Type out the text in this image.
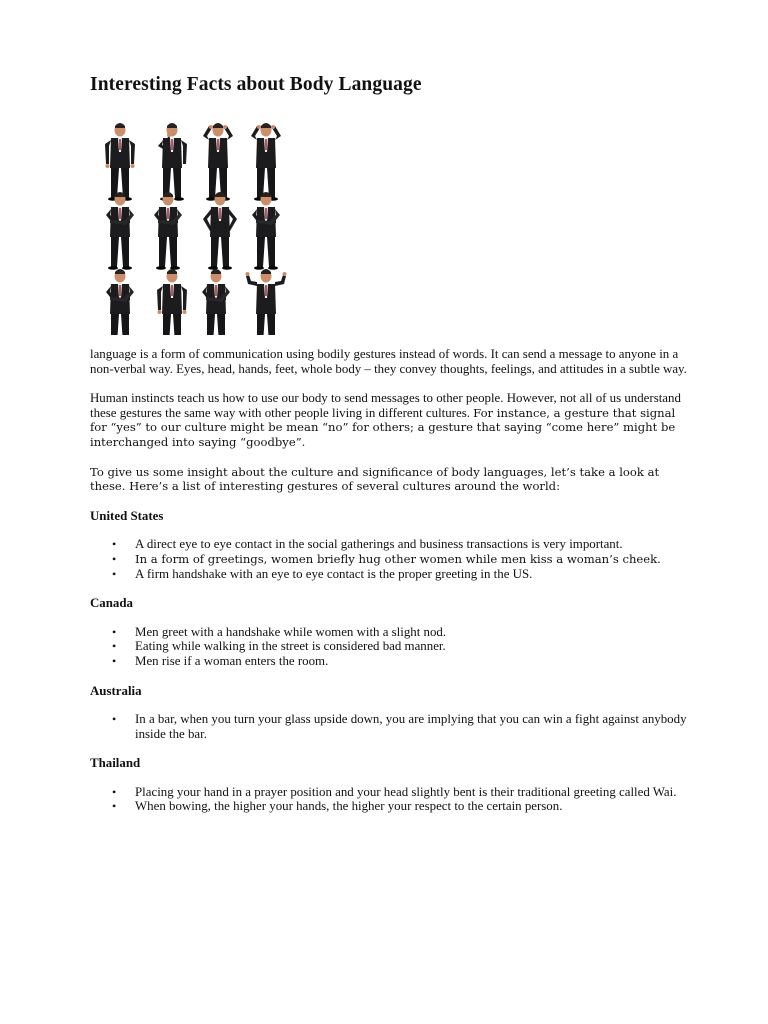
Interesting Facts about Body Language

language is a form of communication using bodily gestures instead of words. It can send a message to anyone in a non-verbal way. Eyes, head, hands, feet, whole body – they convey thoughts, feelings, and attitudes in a subtle way.

Human instincts teach us how to use our body to send messages to other people. However, not all of us understand these gestures the same way with other people living in different cultures. For instance, a gesture that signal for “yes” to our culture might be mean “no” for others; a gesture that saying “come here” might be interchanged into saying “goodbye”.

To give us some insight about the culture and significance of body languages, let’s take a look at these. Here’s a list of interesting gestures of several cultures around the world:

United States
• A direct eye to eye contact in the social gatherings and business transactions is very important.
• In a form of greetings, women briefly hug other women while men kiss a woman’s cheek.
• A firm handshake with an eye to eye contact is the proper greeting in the US.
Canada
• Men greet with a handshake while women with a slight nod.
• Eating while walking in the street is considered bad manner.
• Men rise if a woman enters the room.
Australia
• In a bar, when you turn your glass upside down, you are implying that you can win a fight against anybody inside the bar.
Thailand
• Placing your hand in a prayer position and your head slightly bent is their traditional greeting called Wai.
• When bowing, the higher your hands, the higher your respect to the certain person.
